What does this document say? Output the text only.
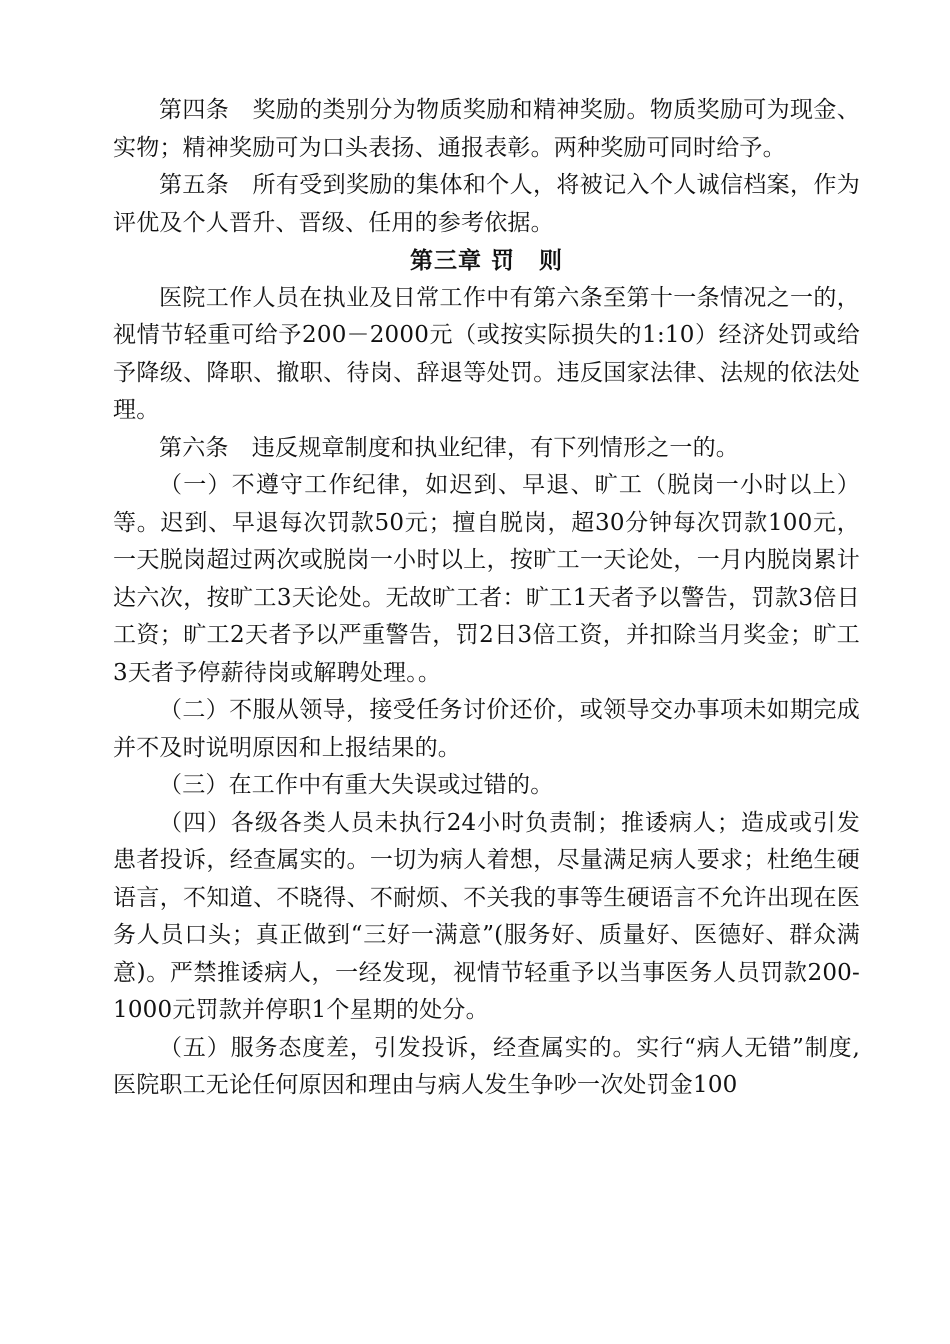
第四条　奖励的类别分为物质奖励和精神奖励。物质奖励可为现金、实物；精神奖励可为口头表扬、通报表彰。两种奖励可同时给予。

第五条　所有受到奖励的集体和个人，将被记入个人诚信档案，作为评优及个人晋升、晋级、任用的参考依据。

第三章 罚　则

医院工作人员在执业及日常工作中有第六条至第十一条情况之一的，视情节轻重可给予200－2000元（或按实际损失的1:10）经济处罚或给予降级、降职、撤职、待岗、辞退等处罚。违反国家法律、法规的依法处理。

第六条　违反规章制度和执业纪律，有下列情形之一的。

（一）不遵守工作纪律，如迟到、早退、旷工（脱岗一小时以上）等。迟到、早退每次罚款50元；擅自脱岗，超30分钟每次罚款100元，一天脱岗超过两次或脱岗一小时以上，按旷工一天论处，一月内脱岗累计达六次，按旷工3天论处。无故旷工者：旷工1天者予以警告，罚款3倍日工资；旷工2天者予以严重警告，罚2日3倍工资，并扣除当月奖金；旷工3天者予停薪待岗或解聘处理。。

（二）不服从领导，接受任务讨价还价，或领导交办事项未如期完成并不及时说明原因和上报结果的。

（三）在工作中有重大失误或过错的。

（四）各级各类人员未执行24小时负责制；推诿病人；造成或引发患者投诉，经查属实的。一切为病人着想，尽量满足病人要求；杜绝生硬语言，不知道、不晓得、不耐烦、不关我的事等生硬语言不允许出现在医务人员口头；真正做到“三好一满意”(服务好、质量好、医德好、群众满意)。严禁推诿病人，一经发现，视情节轻重予以当事医务人员罚款200-1000元罚款并停职1个星期的处分。

（五）服务态度差，引发投诉，经查属实的。实行“病人无错”制度,医院职工无论任何原因和理由与病人发生争吵一次处罚金100
